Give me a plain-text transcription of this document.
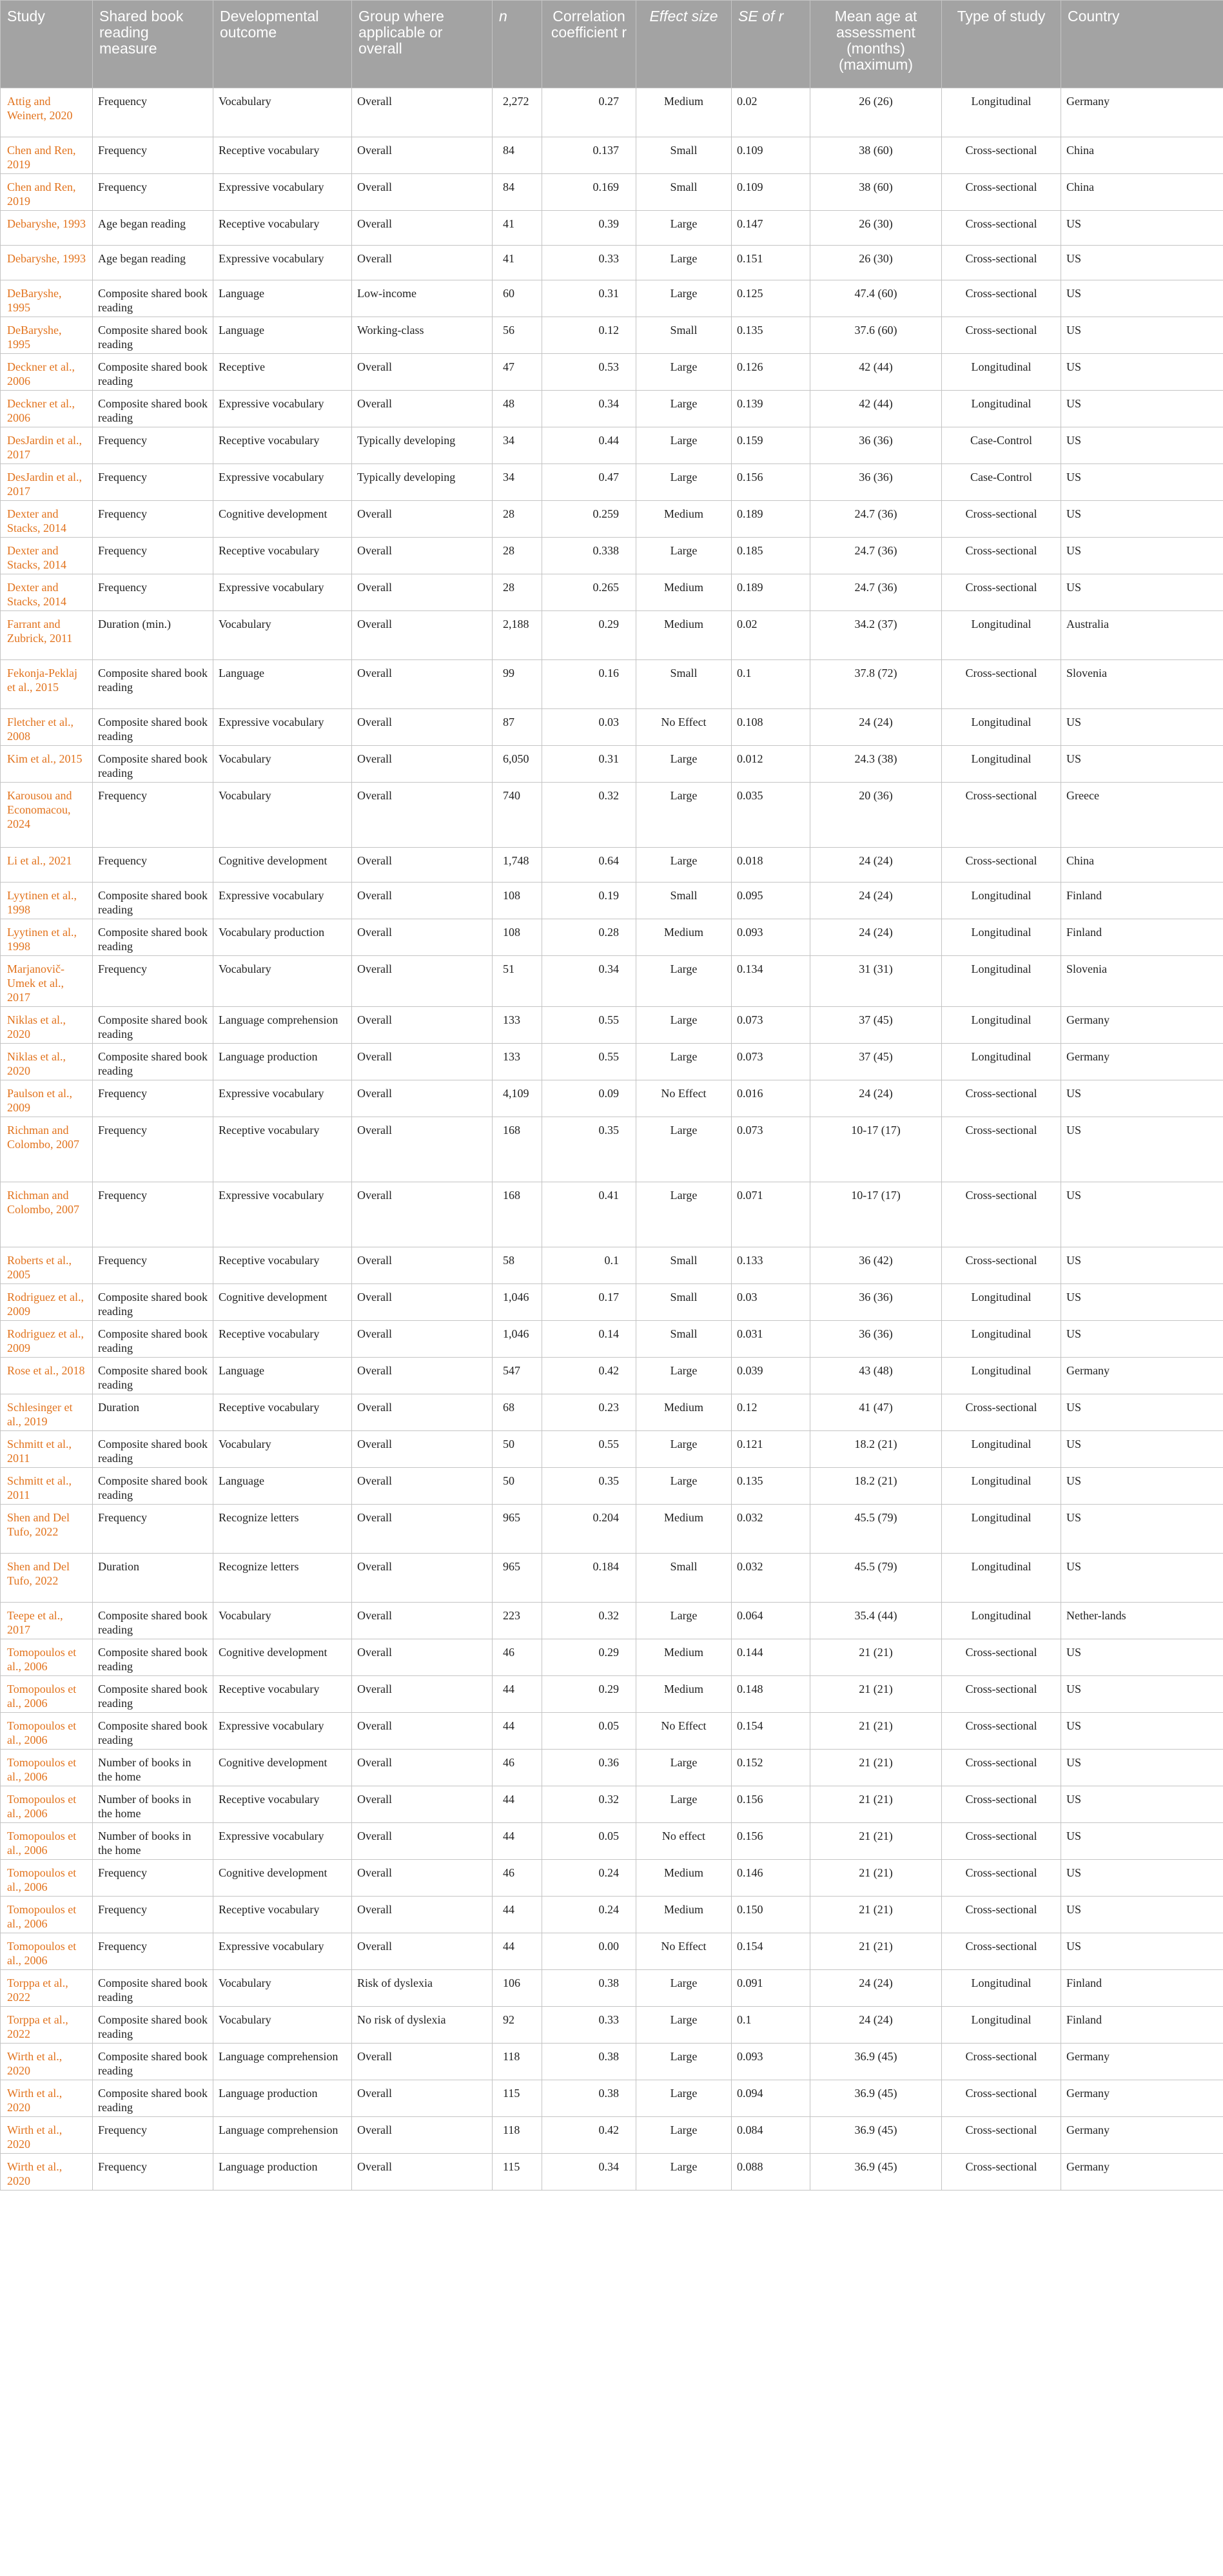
Study	Shared book reading measure	Developmental outcome	Group where applicable or overall	n	Correlation coefficient r	Effect size	SE of r	Mean age at assessment (months) (maximum)	Type of study	Country
Attig and Weinert, 2020	Frequency	Vocabulary	Overall	2,272	0.27	Medium	0.02	26 (26)	Longitudinal	Germany
Chen and Ren, 2019	Frequency	Receptive vocabulary	Overall	84	0.137	Small	0.109	38 (60)	Cross-sectional	China
Chen and Ren, 2019	Frequency	Expressive vocabulary	Overall	84	0.169	Small	0.109	38 (60)	Cross-sectional	China
Debaryshe, 1993	Age began reading	Receptive vocabulary	Overall	41	0.39	Large	0.147	26 (30)	Cross-sectional	US
Debaryshe, 1993	Age began reading	Expressive vocabulary	Overall	41	0.33	Large	0.151	26 (30)	Cross-sectional	US
DeBaryshe, 1995	Composite shared book reading	Language	Low-income	60	0.31	Large	0.125	47.4 (60)	Cross-sectional	US
DeBaryshe, 1995	Composite shared book reading	Language	Working-class	56	0.12	Small	0.135	37.6 (60)	Cross-sectional	US
Deckner et al., 2006	Composite shared book reading	Receptive	Overall	47	0.53	Large	0.126	42 (44)	Longitudinal	US
Deckner et al., 2006	Composite shared book reading	Expressive vocabulary	Overall	48	0.34	Large	0.139	42 (44)	Longitudinal	US
DesJardin et al., 2017	Frequency	Receptive vocabulary	Typically developing	34	0.44	Large	0.159	36 (36)	Case-Control	US
DesJardin et al., 2017	Frequency	Expressive vocabulary	Typically developing	34	0.47	Large	0.156	36 (36)	Case-Control	US
Dexter and Stacks, 2014	Frequency	Cognitive development	Overall	28	0.259	Medium	0.189	24.7 (36)	Cross-sectional	US
Dexter and Stacks, 2014	Frequency	Receptive vocabulary	Overall	28	0.338	Large	0.185	24.7 (36)	Cross-sectional	US
Dexter and Stacks, 2014	Frequency	Expressive vocabulary	Overall	28	0.265	Medium	0.189	24.7 (36)	Cross-sectional	US
Farrant and Zubrick, 2011	Duration (min.)	Vocabulary	Overall	2,188	0.29	Medium	0.02	34.2 (37)	Longitudinal	Australia
Fekonja-Peklaj et al., 2015	Composite shared book reading	Language	Overall	99	0.16	Small	0.1	37.8 (72)	Cross-sectional	Slovenia
Fletcher et al., 2008	Composite shared book reading	Expressive vocabulary	Overall	87	0.03	No Effect	0.108	24 (24)	Longitudinal	US
Kim et al., 2015	Composite shared book reading	Vocabulary	Overall	6,050	0.31	Large	0.012	24.3 (38)	Longitudinal	US
Karousou and Economacou, 2024	Frequency	Vocabulary	Overall	740	0.32	Large	0.035	20 (36)	Cross-sectional	Greece
Li et al., 2021	Frequency	Cognitive development	Overall	1,748	0.64	Large	0.018	24 (24)	Cross-sectional	China
Lyytinen et al., 1998	Composite shared book reading	Expressive vocabulary	Overall	108	0.19	Small	0.095	24 (24)	Longitudinal	Finland
Lyytinen et al., 1998	Composite shared book reading	Vocabulary production	Overall	108	0.28	Medium	0.093	24 (24)	Longitudinal	Finland
Marjanovič-Umek et al., 2017	Frequency	Vocabulary	Overall	51	0.34	Large	0.134	31 (31)	Longitudinal	Slovenia
Niklas et al., 2020	Composite shared book reading	Language comprehension	Overall	133	0.55	Large	0.073	37 (45)	Longitudinal	Germany
Niklas et al., 2020	Composite shared book reading	Language production	Overall	133	0.55	Large	0.073	37 (45)	Longitudinal	Germany
Paulson et al., 2009	Frequency	Expressive vocabulary	Overall	4,109	0.09	No Effect	0.016	24 (24)	Cross-sectional	US
Richman and Colombo, 2007	Frequency	Receptive vocabulary	Overall	168	0.35	Large	0.073	10-17 (17)	Cross-sectional	US
Richman and Colombo, 2007	Frequency	Expressive vocabulary	Overall	168	0.41	Large	0.071	10-17 (17)	Cross-sectional	US
Roberts et al., 2005	Frequency	Receptive vocabulary	Overall	58	0.1	Small	0.133	36 (42)	Cross-sectional	US
Rodriguez et al., 2009	Composite shared book reading	Cognitive development	Overall	1,046	0.17	Small	0.03	36 (36)	Longitudinal	US
Rodriguez et al., 2009	Composite shared book reading	Receptive vocabulary	Overall	1,046	0.14	Small	0.031	36 (36)	Longitudinal	US
Rose et al., 2018	Composite shared book reading	Language	Overall	547	0.42	Large	0.039	43 (48)	Longitudinal	Germany
Schlesinger et al., 2019	Duration	Receptive vocabulary	Overall	68	0.23	Medium	0.12	41 (47)	Cross-sectional	US
Schmitt et al., 2011	Composite shared book reading	Vocabulary	Overall	50	0.55	Large	0.121	18.2 (21)	Longitudinal	US
Schmitt et al., 2011	Composite shared book reading	Language	Overall	50	0.35	Large	0.135	18.2 (21)	Longitudinal	US
Shen and Del Tufo, 2022	Frequency	Recognize letters	Overall	965	0.204	Medium	0.032	45.5 (79)	Longitudinal	US
Shen and Del Tufo, 2022	Duration	Recognize letters	Overall	965	0.184	Small	0.032	45.5 (79)	Longitudinal	US
Teepe et al., 2017	Composite shared book reading	Vocabulary	Overall	223	0.32	Large	0.064	35.4 (44)	Longitudinal	Nether-lands
Tomopoulos et al., 2006	Composite shared book reading	Cognitive development	Overall	46	0.29	Medium	0.144	21 (21)	Cross-sectional	US
Tomopoulos et al., 2006	Composite shared book reading	Receptive vocabulary	Overall	44	0.29	Medium	0.148	21 (21)	Cross-sectional	US
Tomopoulos et al., 2006	Composite shared book reading	Expressive vocabulary	Overall	44	0.05	No Effect	0.154	21 (21)	Cross-sectional	US
Tomopoulos et al., 2006	Number of books in the home	Cognitive development	Overall	46	0.36	Large	0.152	21 (21)	Cross-sectional	US
Tomopoulos et al., 2006	Number of books in the home	Receptive vocabulary	Overall	44	0.32	Large	0.156	21 (21)	Cross-sectional	US
Tomopoulos et al., 2006	Number of books in the home	Expressive vocabulary	Overall	44	0.05	No effect	0.156	21 (21)	Cross-sectional	US
Tomopoulos et al., 2006	Frequency	Cognitive development	Overall	46	0.24	Medium	0.146	21 (21)	Cross-sectional	US
Tomopoulos et al., 2006	Frequency	Receptive vocabulary	Overall	44	0.24	Medium	0.150	21 (21)	Cross-sectional	US
Tomopoulos et al., 2006	Frequency	Expressive vocabulary	Overall	44	0.00	No Effect	0.154	21 (21)	Cross-sectional	US
Torppa et al., 2022	Composite shared book reading	Vocabulary	Risk of dyslexia	106	0.38	Large	0.091	24 (24)	Longitudinal	Finland
Torppa et al., 2022	Composite shared book reading	Vocabulary	No risk of dyslexia	92	0.33	Large	0.1	24 (24)	Longitudinal	Finland
Wirth et al., 2020	Composite shared book reading	Language comprehension	Overall	118	0.38	Large	0.093	36.9 (45)	Cross-sectional	Germany
Wirth et al., 2020	Composite shared book reading	Language production	Overall	115	0.38	Large	0.094	36.9 (45)	Cross-sectional	Germany
Wirth et al., 2020	Frequency	Language comprehension	Overall	118	0.42	Large	0.084	36.9 (45)	Cross-sectional	Germany
Wirth et al., 2020	Frequency	Language production	Overall	115	0.34	Large	0.088	36.9 (45)	Cross-sectional	Germany
